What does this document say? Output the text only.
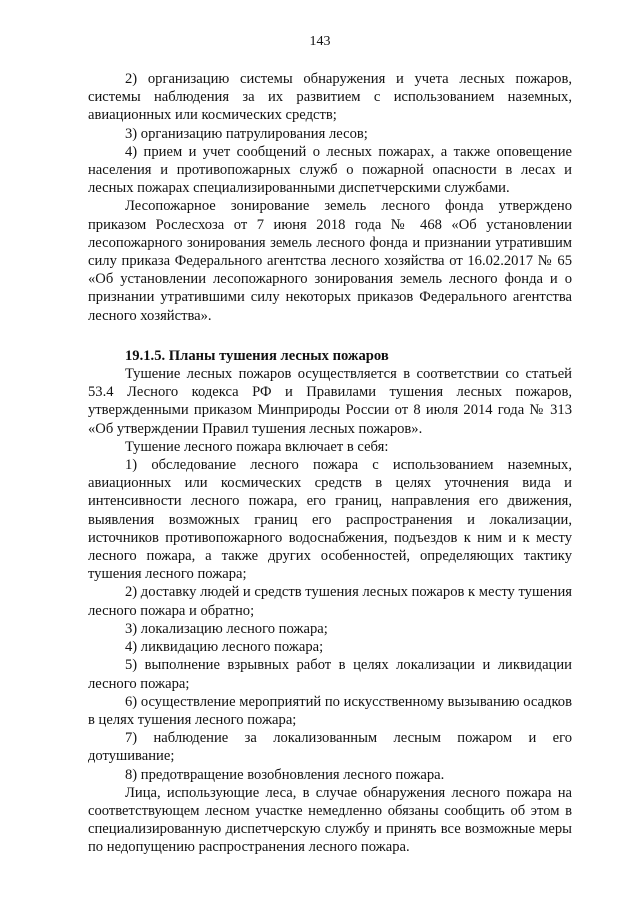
143

2) организацию системы обнаружения и учета лесных пожаров, системы наблюдения за их развитием с использованием наземных, авиационных или космических средств;

3) организацию патрулирования лесов;

4) прием и учет сообщений о лесных пожарах, а также оповещение населения и противопожарных служб о пожарной опасности в лесах и лесных пожарах специализированными диспетчерскими службами.

Лесопожарное зонирование земель лесного фонда утверждено приказом Рослесхоза от 7 июня 2018 года № 468 «Об установлении лесопожарного зонирования земель лесного фонда и признании утратившим силу приказа Федерального агентства лесного хозяйства от 16.02.2017 № 65 «Об установлении лесопожарного зонирования земель лесного фонда и о признании утратившими силу некоторых приказов Федерального агентства лесного хозяйства».

19.1.5. Планы тушения лесных пожаров

Тушение лесных пожаров осуществляется в соответствии со статьей 53.4 Лесного кодекса РФ и Правилами тушения лесных пожаров, утвержденными приказом Минприроды России от 8 июля 2014 года № 313 «Об утверждении Правил тушения лесных пожаров».

Тушение лесного пожара включает в себя:

1) обследование лесного пожара с использованием наземных, авиационных или космических средств в целях уточнения вида и интенсивности лесного пожара, его границ, направления его движения, выявления возможных границ его распространения и локализации, источников противопожарного водоснабжения, подъездов к ним и к месту лесного пожара, а также других особенностей, определяющих тактику тушения лесного пожара;

2) доставку людей и средств тушения лесных пожаров к месту тушения лесного пожара и обратно;

3) локализацию лесного пожара;

4) ликвидацию лесного пожара;

5) выполнение взрывных работ в целях локализации и ликвидации лесного пожара;

6) осуществление мероприятий по искусственному вызыванию осадков в целях тушения лесного пожара;

7) наблюдение за локализованным лесным пожаром и его дотушивание;

8) предотвращение возобновления лесного пожара.

Лица, использующие леса, в случае обнаружения лесного пожара на соответствующем лесном участке немедленно обязаны сообщить об этом в специализированную диспетчерскую службу и принять все возможные меры по недопущению распространения лесного пожара.
